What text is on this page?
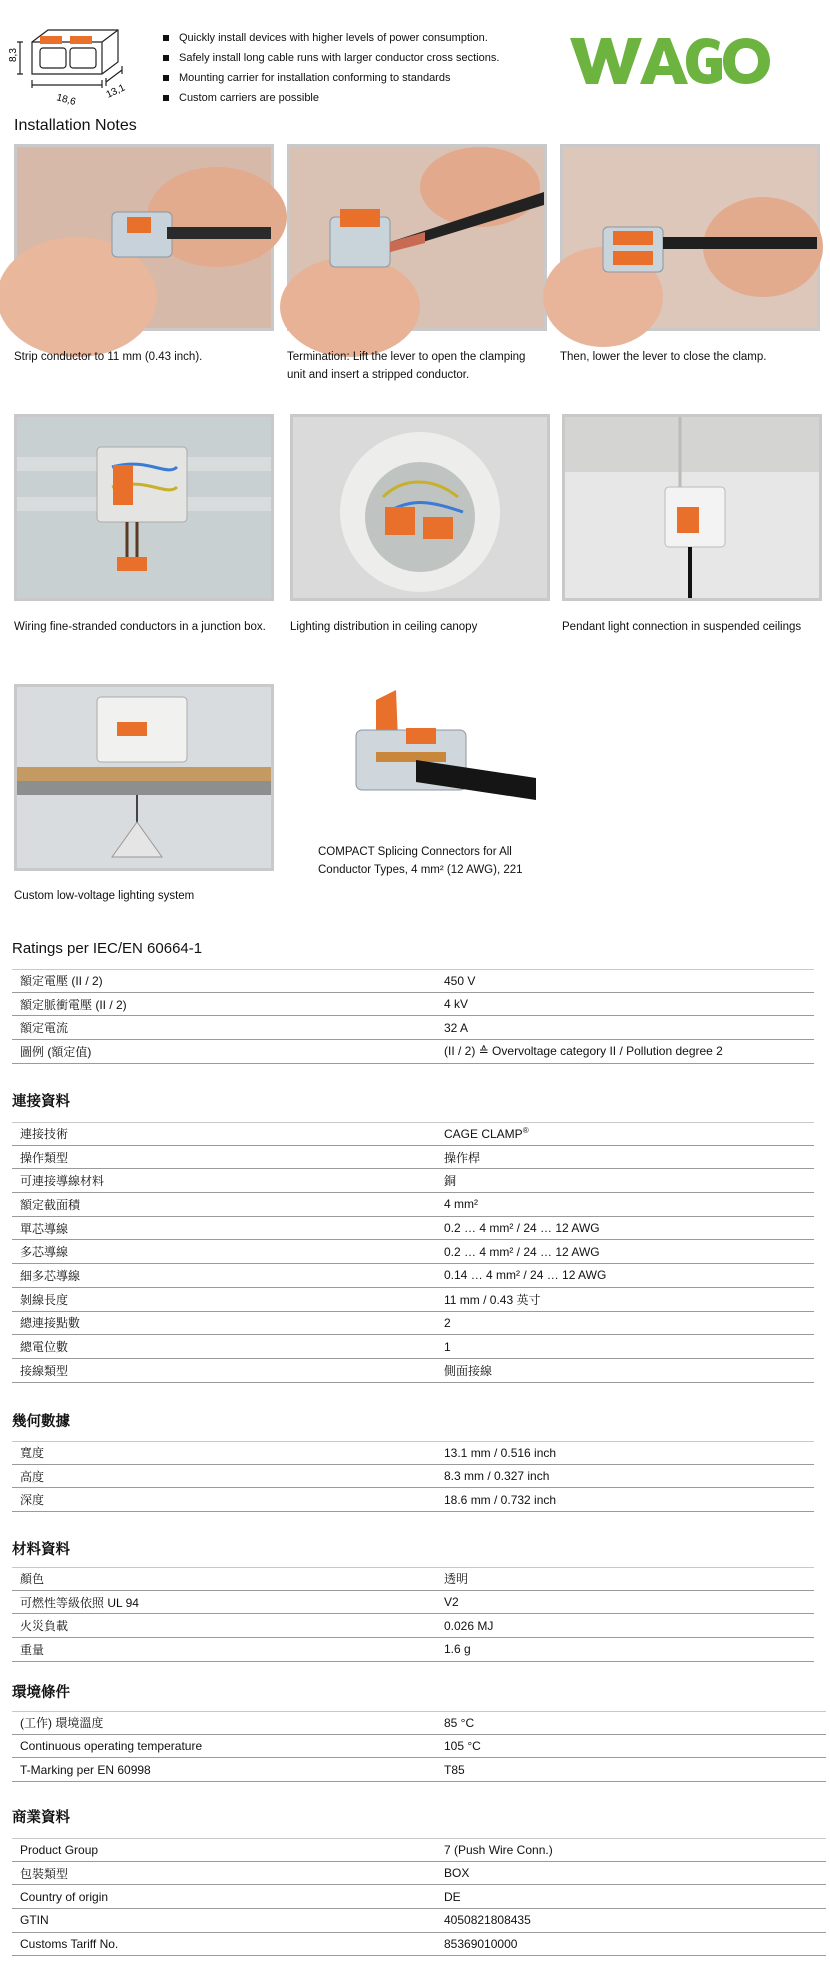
8,3
18,6	13,1
Quickly install devices with higher levels of power consumption.
Safely install long cable runs with larger conductor cross sections.
Mounting carrier for installation conforming to standards
Custom carriers are possible
Installation Notes
Strip conductor to 11 mm (0.43 inch).	Termination: Lift the lever to open the clamping unit and insert a stripped conductor.
Then, lower the lever to close the clamp.
Wiring fine-stranded conductors in a junction box.	Lighting distribution in ceiling canopy	Pendant light connection in suspended ceilings
Custom low-voltage lighting system
COMPACT Splicing Connectors for All Conductor Types, 4 mm² (12 AWG), 221
Ratings per IEC/EN 60664-1
額定電壓 (II / 2)	450 V
額定脈衝電壓 (II / 2)	4 kV
額定電流	32 A
圖例 (額定值)	(II / 2) ≙ Overvoltage category II / Pollution degree 2
連接資料
連接技術	CAGE CLAMP®
操作類型	操作桿
可連接導線材料	銅
額定截面積	4 mm²
單芯導線	0.2 … 4 mm² / 24 … 12 AWG
多芯導線	0.2 … 4 mm² / 24 … 12 AWG
細多芯導線	0.14 … 4 mm² / 24 … 12 AWG
剝線長度	11 mm / 0.43 英寸
總連接點數	2
總電位數	1
接線類型	側面接線
幾何數據
寬度	13.1 mm / 0.516 inch
高度	8.3 mm / 0.327 inch
深度	18.6 mm / 0.732 inch
材料資料
顏色	透明
可燃性等級依照 UL 94	V2
火災負載	0.026 MJ
重量	1.6 g
環境條件
(工作) 環境溫度	85 °C
Continuous operating temperature	105 °C
T-Marking per EN 60998	T85
商業資料
Product Group	7 (Push Wire Conn.)
包裝類型	BOX
Country of origin	DE
GTIN	4050821808435
Customs Tariff No.	85369010000
